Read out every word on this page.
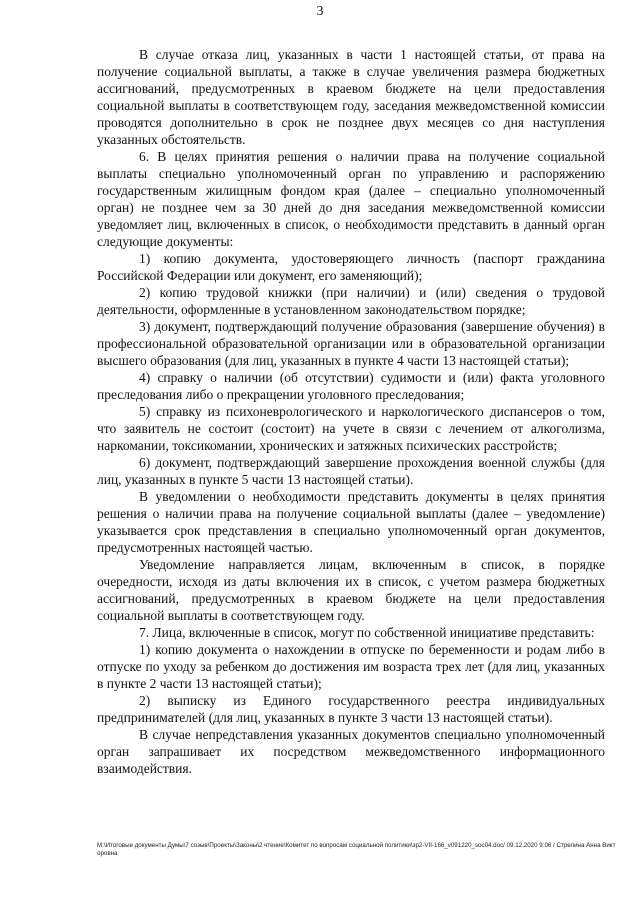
3

В случае отказа лиц, указанных в части 1 настоящей статьи, от права на получение социальной выплаты, а также в случае увеличения размера бюджетных ассигнований, предусмотренных в краевом бюджете на цели предоставления социальной выплаты в соответствующем году, заседания межведомственной комиссии проводятся дополнительно в срок не позднее двух месяцев со дня наступления указанных обстоятельств.

6. В целях принятия решения о наличии права на получение социальной выплаты специально уполномоченный орган по управлению и распоряжению государственным жилищным фондом края (далее – специально уполномоченный орган) не позднее чем за 30 дней до дня заседания межведомственной комиссии уведомляет лиц, включенных в список, о необходимости представить в данный орган следующие документы:

1) копию документа, удостоверяющего личность (паспорт гражданина Российской Федерации или документ, его заменяющий);

2) копию трудовой книжки (при наличии) и (или) сведения о трудовой деятельности, оформленные в установленном законодательством порядке;

3) документ, подтверждающий получение образования (завершение обучения) в профессиональной образовательной организации или в образовательной организации высшего образования (для лиц, указанных в пункте 4 части 13 настоящей статьи);

4) справку о наличии (об отсутствии) судимости и (или) факта уголовного преследования либо о прекращении уголовного преследования;

5) справку из психоневрологического и наркологического диспансеров о том, что заявитель не состоит (состоит) на учете в связи с лечением от алкоголизма, наркомании, токсикомании, хронических и затяжных психических расстройств;

6) документ, подтверждающий завершение прохождения военной службы (для лиц, указанных в пункте 5 части 13 настоящей статьи).

В уведомлении о необходимости представить документы в целях принятия решения о наличии права на получение социальной выплаты (далее – уведомление) указывается срок представления в специально уполномоченный орган документов, предусмотренных настоящей частью.

Уведомление направляется лицам, включенным в список, в порядке очередности, исходя из даты включения их в список, с учетом размера бюджетных ассигнований, предусмотренных в краевом бюджете на цели предоставления социальной выплаты в соответствующем году.

7. Лица, включенные в список, могут по собственной инициативе представить:

1) копию документа о нахождении в отпуске по беременности и родам либо в отпуске по уходу за ребенком до достижения им возраста трех лет (для лиц, указанных в пункте 2 части 13 настоящей статьи);

2) выписку из Единого государственного реестра индивидуальных предпринимателей (для лиц, указанных в пункте 3 части 13 настоящей статьи).

В случае непредставления указанных документов специально уполномоченный орган запрашивает их посредством межведомственного информационного взаимодействия.

M:\Итоговые документы Думы\7 созыв\Проекты\Законы\2 чтение\Комитет по вопросам социальной политики\зр2-VII-166_v091220_soc04.doc/ 09.12.2020 9:06 / Стрелина Анна Викторовна
